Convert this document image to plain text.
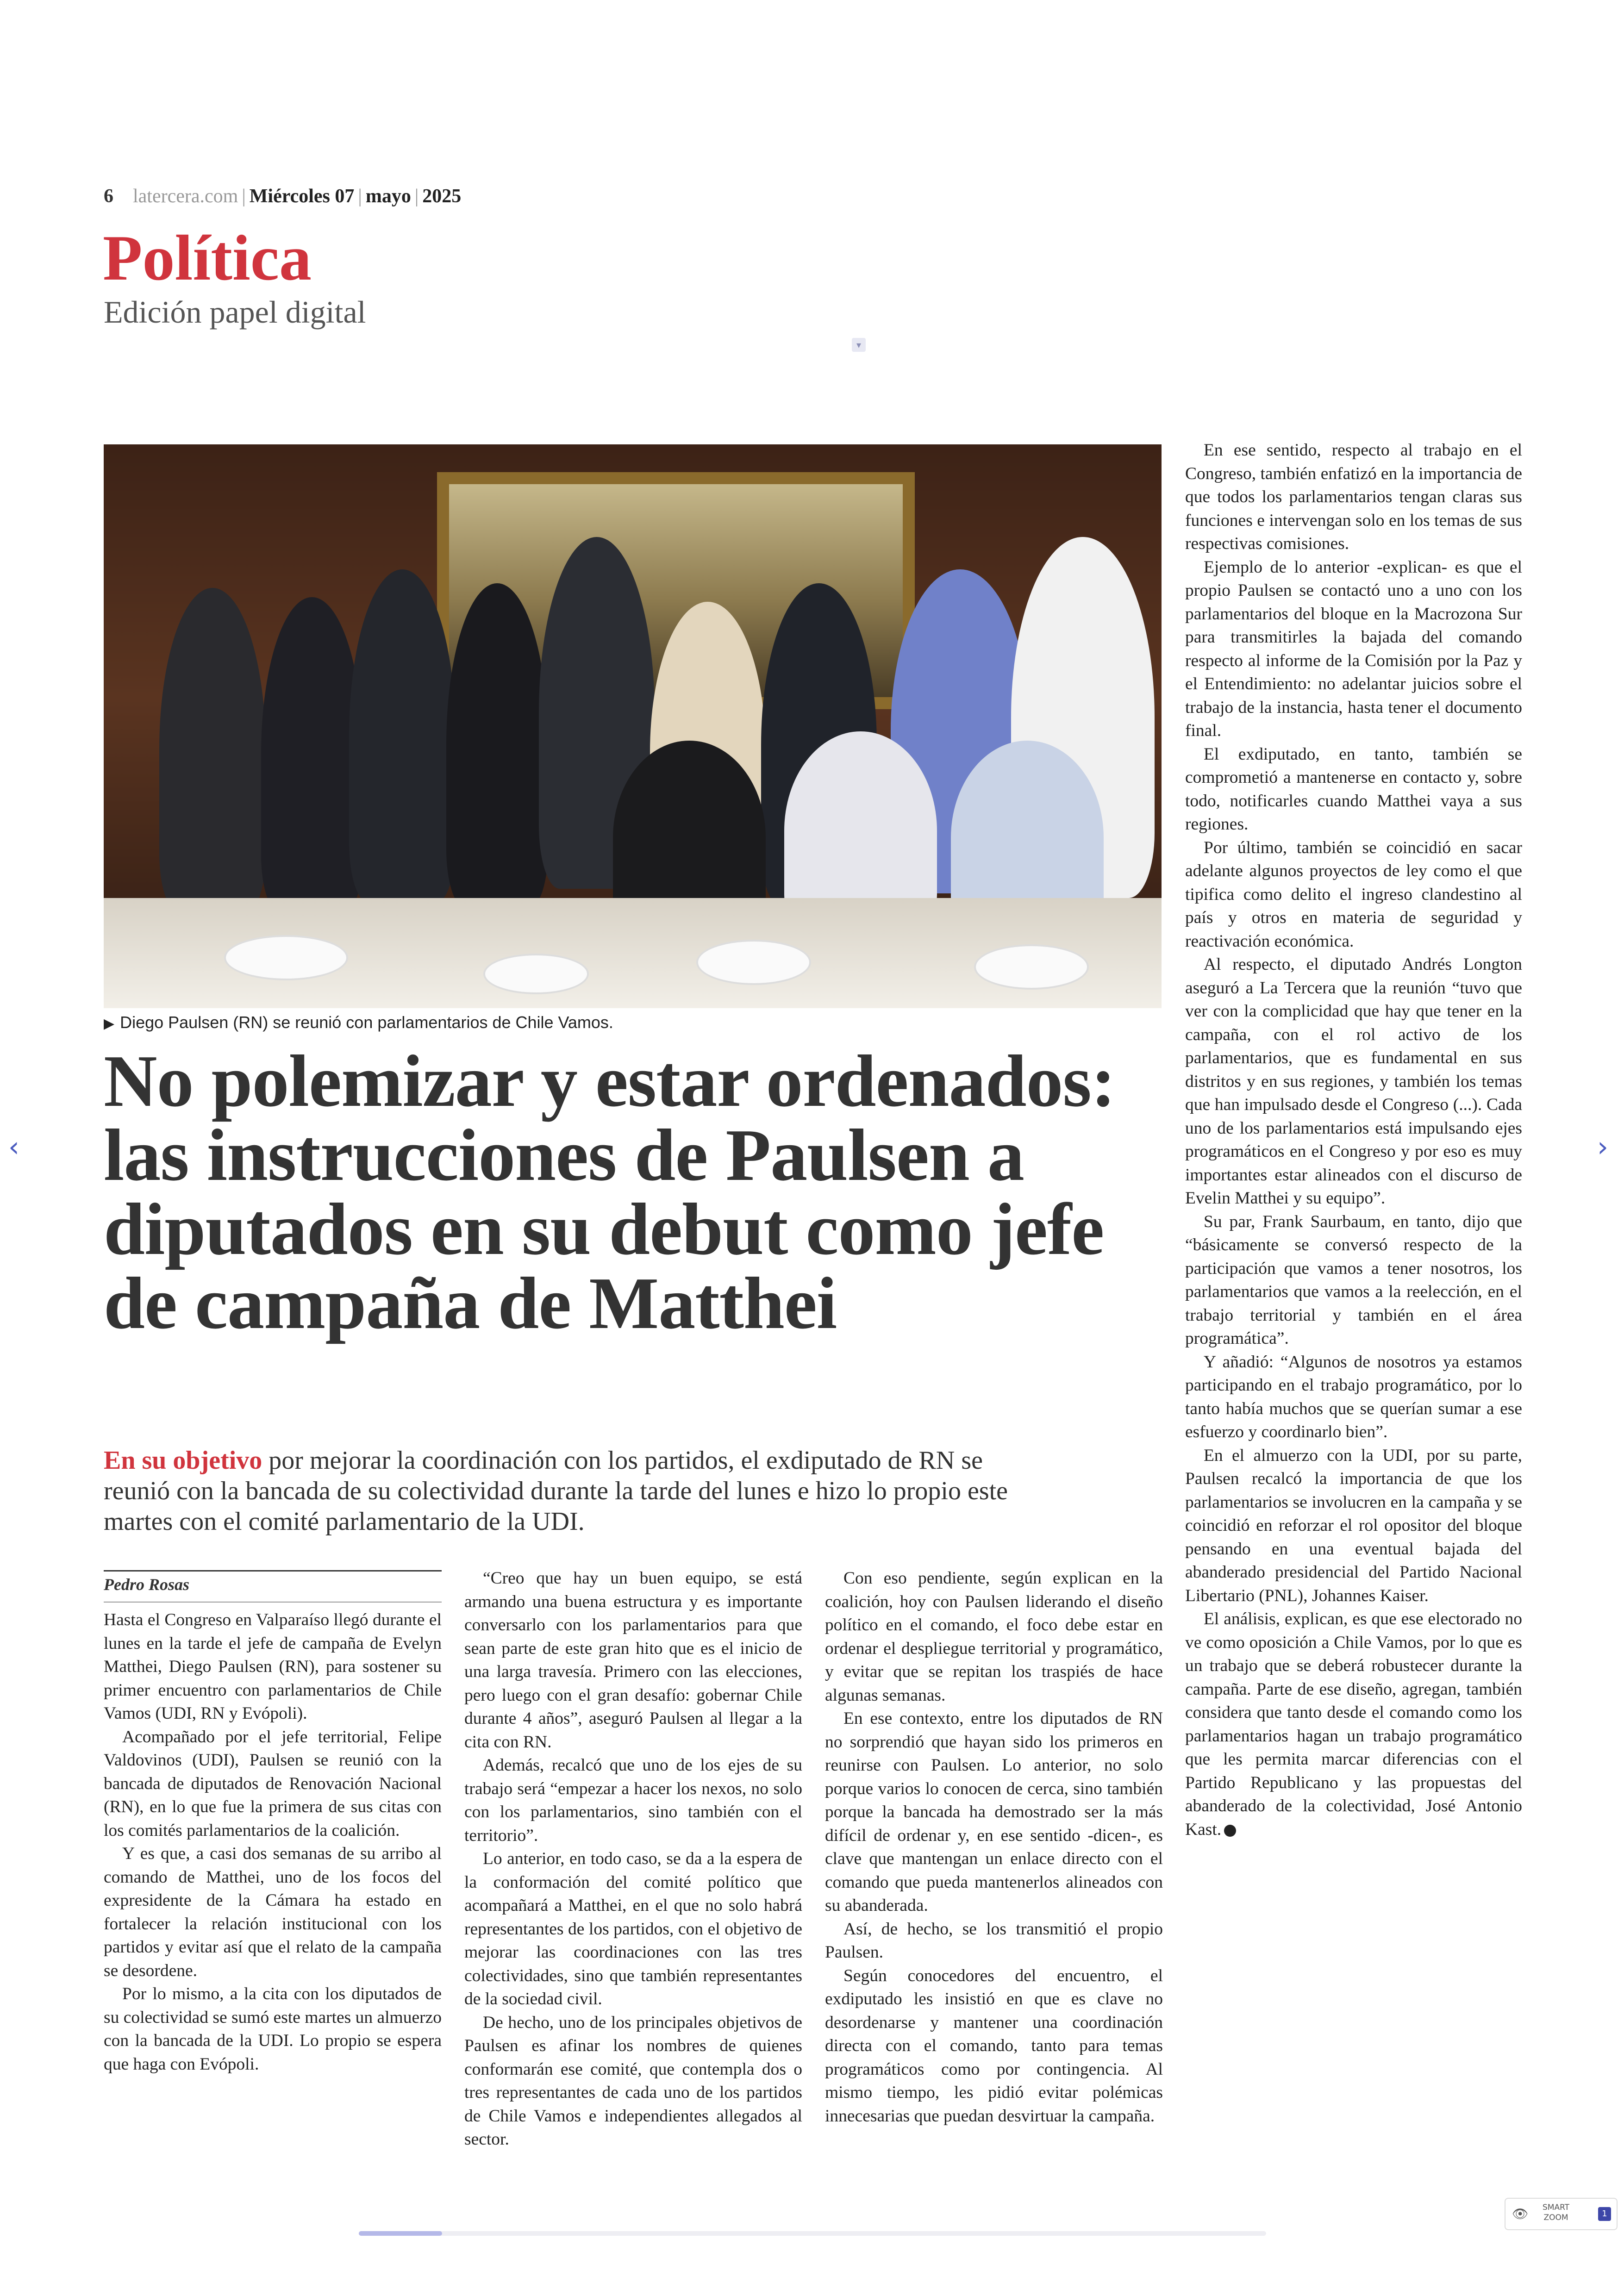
6 latercera.com | Miércoles 07 | mayo | 2025
Política
Edición papel digital
▾
▶ Diego Paulsen (RN) se reunió con parlamentarios de Chile Vamos.
No polemizar y estar ordenados: las instrucciones de Paulsen a diputados en su debut como jefe de campaña de Matthei
En su objetivo por mejorar la coordinación con los partidos, el exdiputado de RN se reunió con la bancada de su colectividad durante la tarde del lunes e hizo lo propio este martes con el comité parlamentario de la UDI.
Pedro Rosas

Hasta el Congreso en Valparaíso llegó durante el lunes en la tarde el jefe de campaña de Evelyn Matthei, Diego Paulsen (RN), para sostener su primer encuentro con parlamentarios de Chile Vamos (UDI, RN y Evópoli).

Acompañado por el jefe territorial, Felipe Valdovinos (UDI), Paulsen se reunió con la bancada de diputados de Renovación Nacional (RN), en lo que fue la primera de sus citas con los comités parlamentarios de la coalición.

Y es que, a casi dos semanas de su arribo al comando de Matthei, uno de los focos del expresidente de la Cámara ha estado en fortalecer la relación institucional con los partidos y evitar así que el relato de la campaña se desordene.

Por lo mismo, a la cita con los diputados de su colectividad se sumó este martes un almuerzo con la bancada de la UDI. Lo propio se espera que haga con Evópoli.

“Creo que hay un buen equipo, se está armando una buena estructura y es importante conversarlo con los parlamentarios para que sean parte de este gran hito que es el inicio de una larga travesía. Primero con las elecciones, pero luego con el gran desafío: gobernar Chile durante 4 años”, aseguró Paulsen al llegar a la cita con RN.

Además, recalcó que uno de los ejes de su trabajo será “empezar a hacer los nexos, no solo con los parlamentarios, sino también con el territorio”.

Lo anterior, en todo caso, se da a la espera de la conformación del comité político que acompañará a Matthei, en el que no solo habrá representantes de los partidos, con el objetivo de mejorar las coordinaciones con las tres colectividades, sino que también representantes de la sociedad civil.

De hecho, uno de los principales objetivos de Paulsen es afinar los nombres de quienes conformarán ese comité, que contempla dos o tres representantes de cada uno de los partidos de Chile Vamos e independientes allegados al sector.

Con eso pendiente, según explican en la coalición, hoy con Paulsen liderando el diseño político en el comando, el foco debe estar en ordenar el despliegue territorial y programático, y evitar que se repitan los traspiés de hace algunas semanas.

En ese contexto, entre los diputados de RN no sorprendió que hayan sido los primeros en reunirse con Paulsen. Lo anterior, no solo porque varios lo conocen de cerca, sino también porque la bancada ha demostrado ser la más difícil de ordenar y, en ese sentido -dicen-, es clave que mantengan un enlace directo con el comando que pueda mantenerlos alineados con su abanderada.

Así, de hecho, se los transmitió el propio Paulsen.

Según conocedores del encuentro, el exdiputado les insistió en que es clave no desordenarse y mantener una coordinación directa con el comando, tanto para temas programáticos como por contingencia. Al mismo tiempo, les pidió evitar polémicas innecesarias que puedan desvirtuar la campaña.

En ese sentido, respecto al trabajo en el Congreso, también enfatizó en la importancia de que todos los parlamentarios tengan claras sus funciones e intervengan solo en los temas de sus respectivas comisiones.

Ejemplo de lo anterior -explican- es que el propio Paulsen se contactó uno a uno con los parlamentarios del bloque en la Macrozona Sur para transmitirles la bajada del comando respecto al informe de la Comisión por la Paz y el Entendimiento: no adelantar juicios sobre el trabajo de la instancia, hasta tener el documento final.

El exdiputado, en tanto, también se comprometió a mantenerse en contacto y, sobre todo, notificarles cuando Matthei vaya a sus regiones.

Por último, también se coincidió en sacar adelante algunos proyectos de ley como el que tipifica como delito el ingreso clandestino al país y otros en materia de seguridad y reactivación económica.

Al respecto, el diputado Andrés Longton aseguró a La Tercera que la reunión “tuvo que ver con la complicidad que hay que tener en la campaña, con el rol activo de los parlamentarios, que es fundamental en sus distritos y en sus regiones, y también los temas que han impulsado desde el Congreso (...). Cada uno de los parlamentarios está impulsando ejes programáticos en el Congreso y por eso es muy importantes estar alineados con el discurso de Evelin Matthei y su equipo”.

Su par, Frank Saurbaum, en tanto, dijo que “básicamente se conversó respecto de la participación que vamos a tener nosotros, los parlamentarios que vamos a la reelección, en el trabajo territorial y también en el área programática”.

Y añadió: “Algunos de nosotros ya estamos participando en el trabajo programático, por lo tanto había muchos que se querían sumar a ese esfuerzo y coordinarlo bien”.

En el almuerzo con la UDI, por su parte, Paulsen recalcó la importancia de que los parlamentarios se involucren en la campaña y se coincidió en reforzar el rol opositor del bloque pensando en una eventual bajada del abanderado presidencial del Partido Nacional Libertario (PNL), Johannes Kaiser.

El análisis, explican, es que ese electorado no ve como oposición a Chile Vamos, por lo que es un trabajo que se deberá robustecer durante la campaña. Parte de ese diseño, agregan, también considera que tanto desde el comando como los parlamentarios hagan un trabajo programático que les permita marcar diferencias con el Partido Republicano y las propuestas del abanderado de la colectividad, José Antonio Kast.

‹	›
👁 SMART
ZOOM	1
